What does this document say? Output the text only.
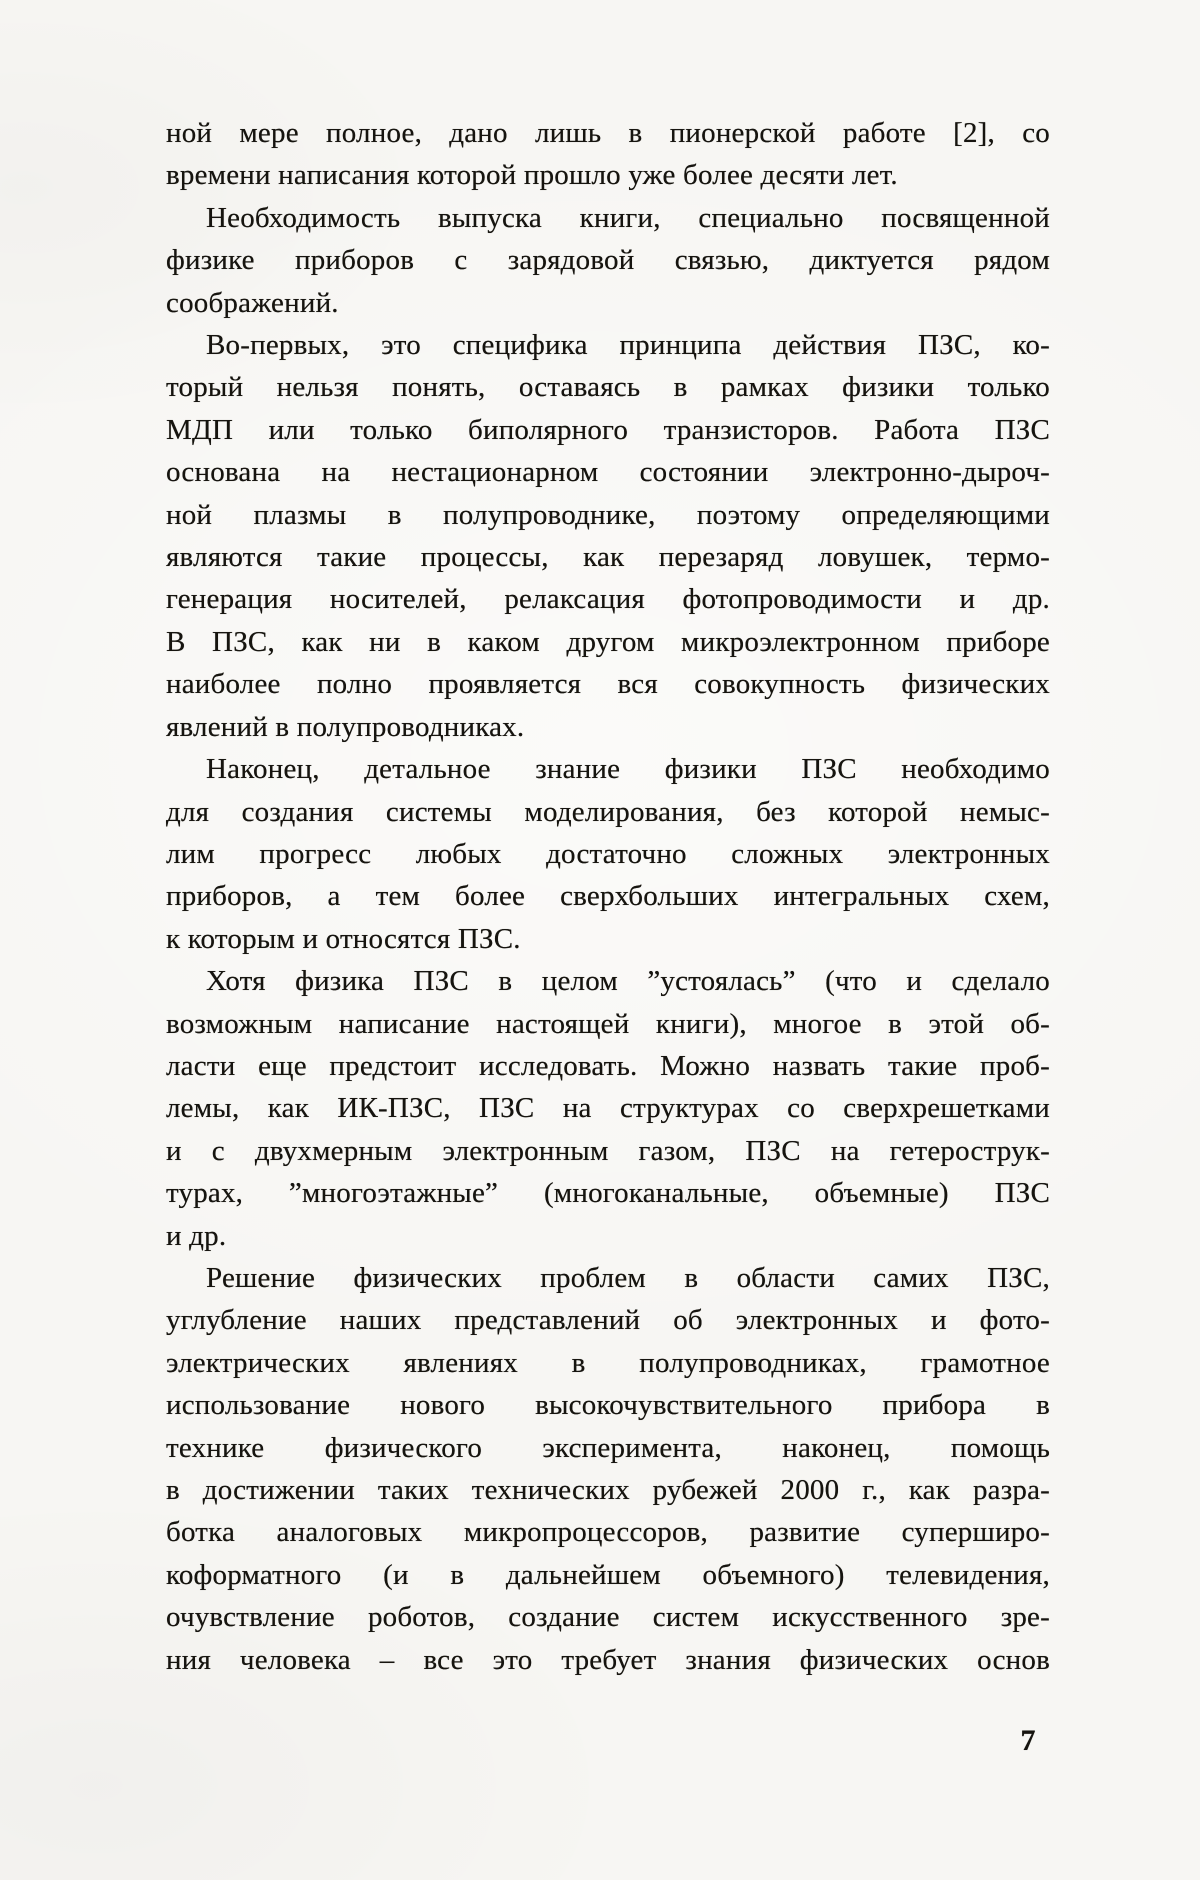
ной мере полное, дано лишь в пионерской работе [2], со
времени написания которой прошло уже более десяти лет.
Необходимость выпуска книги, специально посвященной
физике приборов с зарядовой связью, диктуется рядом
соображений.
Во-первых, это специфика принципа действия ПЗС, ко-
торый нельзя понять, оставаясь в рамках физики только
МДП или только биполярного транзисторов. Работа ПЗС
основана на нестационарном состоянии электронно-дыроч-
ной плазмы в полупроводнике, поэтому определяющими
являются такие процессы, как перезаряд ловушек, термо-
генерация носителей, релаксация фотопроводимости и др.
В ПЗС, как ни в каком другом микроэлектронном приборе
наиболее полно проявляется вся совокупность физических
явлений в полупроводниках.
Наконец, детальное знание физики ПЗС необходимо
для создания системы моделирования, без которой немыс-
лим прогресс любых достаточно сложных электронных
приборов, а тем более сверхбольших интегральных схем,
к которым и относятся ПЗС.
Хотя физика ПЗС в целом ”устоялась” (что и сделало
возможным написание настоящей книги), многое в этой об-
ласти еще предстоит исследовать. Можно назвать такие проб-
лемы, как ИК-ПЗС, ПЗС на структурах со сверхрешетками
и с двухмерным электронным газом, ПЗС на гетерострук-
турах, ”многоэтажные” (многоканальные, объемные) ПЗС
и др.
Решение физических проблем в области самих ПЗС,
углубление наших представлений об электронных и фото-
электрических явлениях в полупроводниках, грамотное
использование нового высокочувствительного прибора в
технике физического эксперимента, наконец, помощь
в достижении таких технических рубежей 2000 г., как разра-
ботка аналоговых микропроцессоров, развитие суперширо-
коформатного (и в дальнейшем объемного) телевидения,
очувствление роботов, создание систем искусственного зре-
ния человека – все это требует знания физических основ
7
